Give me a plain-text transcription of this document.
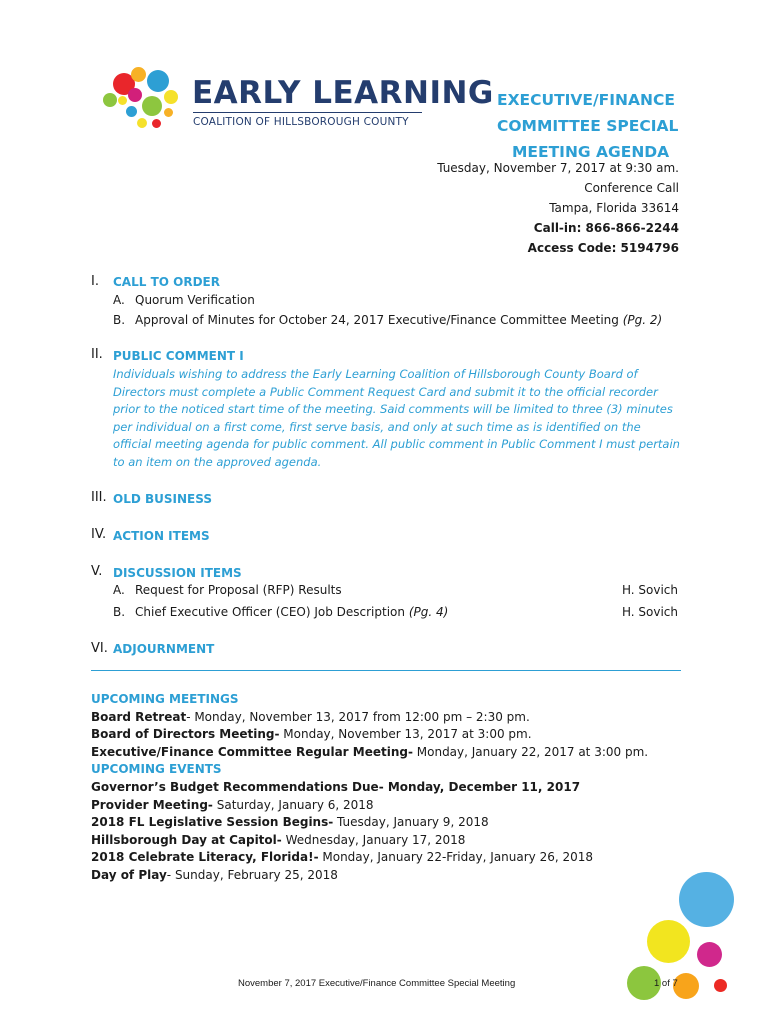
EARLY LEARNING
COALITION OF HILLSBOROUGH COUNTY
EXECUTIVE/FINANCE
COMMITTEE SPECIAL
MEETING AGENDA
Tuesday, November 7, 2017 at 9:30 am.
Conference Call
Tampa, Florida 33614
Call-in: 866-866-2244
Access Code: 5194796
I. CALL TO ORDER
A. Quorum Verification
B. Approval of Minutes for October 24, 2017 Executive/Finance Committee Meeting (Pg. 2)
II. PUBLIC COMMENT I
Individuals wishing to address the Early Learning Coalition of Hillsborough County Board of Directors must complete a Public Comment Request Card and submit it to the official recorder prior to the noticed start time of the meeting. Said comments will be limited to three (3) minutes per individual on a first come, first serve basis, and only at such time as is identified on the official meeting agenda for public comment. All public comment in Public Comment I must pertain to an item on the approved agenda.
III. OLD BUSINESS
IV. ACTION ITEMS
V. DISCUSSION ITEMS
A. Request for Proposal (RFP) Results	H. Sovich
B. Chief Executive Officer (CEO) Job Description (Pg. 4)	H. Sovich
VI. ADJOURNMENT
UPCOMING MEETINGS
Board Retreat- Monday, November 13, 2017 from 12:00 pm – 2:30 pm.
Board of Directors Meeting- Monday, November 13, 2017 at 3:00 pm.
Executive/Finance Committee Regular Meeting- Monday, January 22, 2017 at 3:00 pm.
UPCOMING EVENTS
Governor’s Budget Recommendations Due- Monday, December 11, 2017
Provider Meeting- Saturday, January 6, 2018
2018 FL Legislative Session Begins- Tuesday, January 9, 2018
Hillsborough Day at Capitol- Wednesday, January 17, 2018
2018 Celebrate Literacy, Florida!- Monday, January 22-Friday, January 26, 2018
Day of Play- Sunday, February 25, 2018
November 7, 2017 Executive/Finance Committee Special Meeting	1 of 7
